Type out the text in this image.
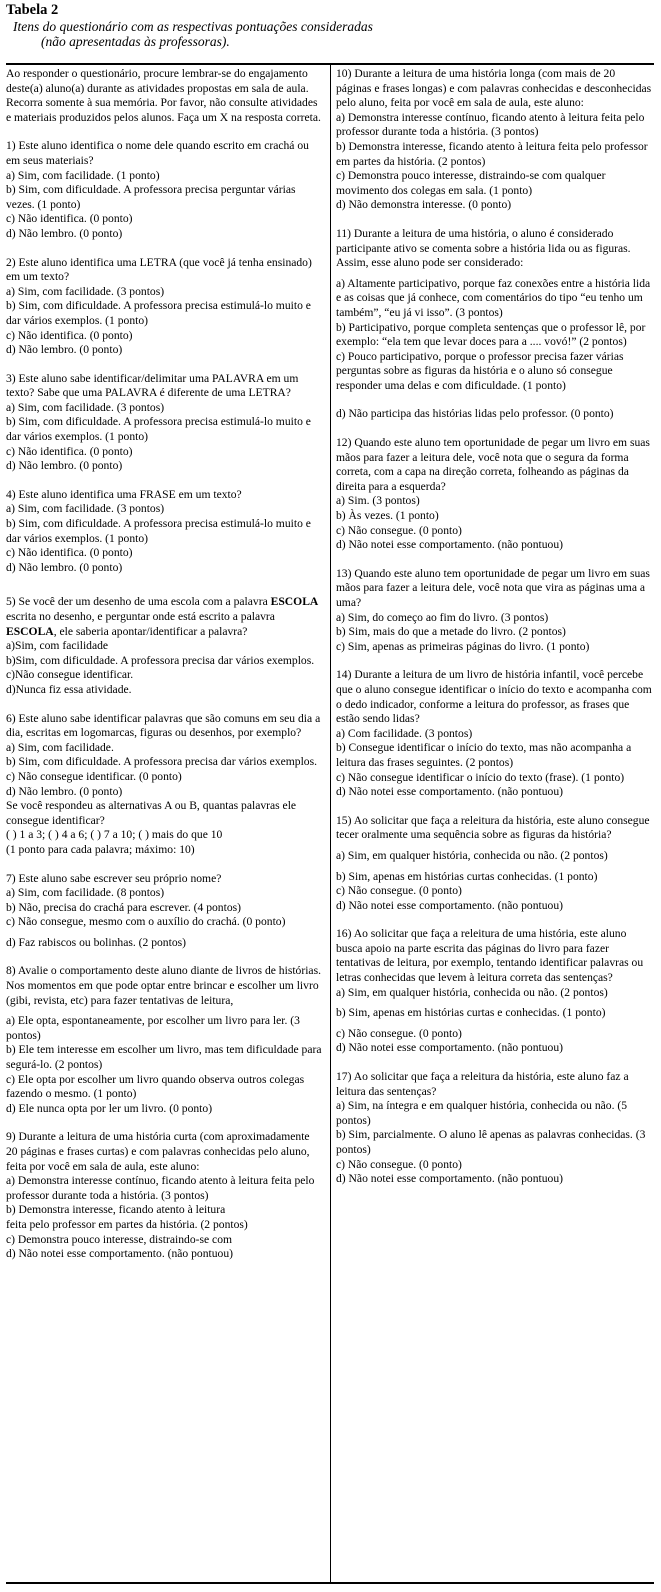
Tabela 2

Itens do questionário com as respectivas pontuações consideradas

(não apresentadas às professoras).

Ao responder o questionário, procure lembrar-se do engajamento deste(a) aluno(a) durante as atividades propostas em sala de aula. Recorra somente à sua memória. Por favor, não consulte atividades e materiais produzidos pelos alunos. Faça um X na resposta correta.

1) Este aluno identifica o nome dele quando escrito em crachá ou em seus materiais?

a) Sim, com facilidade. (1 ponto)

b) Sim, com dificuldade. A professora precisa perguntar várias vezes. (1 ponto)

c) Não identifica. (0 ponto)

d) Não lembro. (0 ponto)

2) Este aluno identifica uma LETRA (que você já tenha ensinado) em um texto?

a) Sim, com facilidade. (3 pontos)

b) Sim, com dificuldade. A professora precisa estimulá-lo muito e dar vários exemplos. (1 ponto)

c) Não identifica. (0 ponto)

d) Não lembro. (0 ponto)

3) Este aluno sabe identificar/delimitar uma PALAVRA em um texto? Sabe que uma PALAVRA é diferente de uma LETRA?

a) Sim, com facilidade. (3 pontos)

b) Sim, com dificuldade. A professora precisa estimulá-lo muito e dar vários exemplos. (1 ponto)

c) Não identifica. (0 ponto)

d) Não lembro. (0 ponto)

4) Este aluno identifica uma FRASE em um texto?

a) Sim, com facilidade. (3 pontos)

b) Sim, com dificuldade. A professora precisa estimulá-lo muito e dar vários exemplos. (1 ponto)

c) Não identifica. (0 ponto)

d) Não lembro. (0 ponto)

5) Se você der um desenho de uma escola com a palavra ESCOLA escrita no desenho, e perguntar onde está escrito a palavra ESCOLA, ele saberia apontar/identificar a palavra?

a)Sim, com facilidade

b)Sim, com dificuldade. A professora precisa dar vários exemplos.

c)Não consegue identificar.

d)Nunca fiz essa atividade.

6) Este aluno sabe identificar palavras que são comuns em seu dia a dia, escritas em logomarcas, figuras ou desenhos, por exemplo?

a) Sim, com facilidade.

b) Sim, com dificuldade. A professora precisa dar vários exemplos.

c) Não consegue identificar. (0 ponto)

d) Não lembro. (0 ponto)

Se você respondeu as alternativas A ou B, quantas palavras ele consegue identificar?

( ) 1 a 3; ( ) 4 a 6; ( ) 7 a 10; ( ) mais do que 10

(1 ponto para cada palavra; máximo: 10)

7) Este aluno sabe escrever seu próprio nome?

a) Sim, com facilidade. (8 pontos)

b) Não, precisa do crachá para escrever. (4 pontos)

c) Não consegue, mesmo com o auxílio do crachá. (0 ponto)

d) Faz rabiscos ou bolinhas. (2 pontos)

8) Avalie o comportamento deste aluno diante de livros de histórias. Nos momentos em que pode optar entre brincar e escolher um livro (gibi, revista, etc) para fazer tentativas de leitura,

a) Ele opta, espontaneamente, por escolher um livro para ler. (3 pontos)

b) Ele tem interesse em escolher um livro, mas tem dificuldade para segurá-lo. (2 pontos)

c) Ele opta por escolher um livro quando observa outros colegas fazendo o mesmo. (1 ponto)

d) Ele nunca opta por ler um livro. (0 ponto)

9) Durante a leitura de uma história curta (com aproximadamente 20 páginas e frases curtas) e com palavras conhecidas pelo aluno, feita por você em sala de aula, este aluno:

a) Demonstra interesse contínuo, ficando atento à leitura feita pelo professor durante toda a história. (3 pontos)

b) Demonstra interesse, ficando atento à leitura

feita pelo professor em partes da história. (2 pontos)

c) Demonstra pouco interesse, distraindo-se com

d) Não notei esse comportamento. (não pontuou)

10) Durante a leitura de uma história longa (com mais de 20 páginas e frases longas) e com palavras conhecidas e desconhecidas pelo aluno, feita por você em sala de aula, este aluno:

a) Demonstra interesse contínuo, ficando atento à leitura feita pelo professor durante toda a história. (3 pontos)

b) Demonstra interesse, ficando atento à leitura feita pelo professor em partes da história. (2 pontos)

c) Demonstra pouco interesse, distraindo-se com qualquer movimento dos colegas em sala. (1 ponto)

d) Não demonstra interesse. (0 ponto)

11) Durante a leitura de uma história, o aluno é considerado participante ativo se comenta sobre a história lida ou as figuras. Assim, esse aluno pode ser considerado:

a) Altamente participativo, porque faz conexões entre a história lida e as coisas que já conhece, com comentários do tipo “eu tenho um também”, “eu já vi isso”. (3 pontos)

b) Participativo, porque completa sentenças que o professor lê, por exemplo: “ela tem que levar doces para a .... vovó!” (2 pontos)

c) Pouco participativo, porque o professor precisa fazer várias perguntas sobre as figuras da história e o aluno só consegue responder uma delas e com dificuldade. (1 ponto)

d) Não participa das histórias lidas pelo professor. (0 ponto)

12) Quando este aluno tem oportunidade de pegar um livro em suas mãos para fazer a leitura dele, você nota que o segura da forma correta, com a capa na direção correta, folheando as páginas da direita para a esquerda?

a) Sim. (3 pontos)

b) Às vezes. (1 ponto)

c) Não consegue. (0 ponto)

d) Não notei esse comportamento. (não pontuou)

13) Quando este aluno tem oportunidade de pegar um livro em suas mãos para fazer a leitura dele, você nota que vira as páginas uma a uma?

a) Sim, do começo ao fim do livro. (3 pontos)

b) Sim, mais do que a metade do livro. (2 pontos)

c) Sim, apenas as primeiras páginas do livro. (1 ponto)

14) Durante a leitura de um livro de história infantil, você percebe que o aluno consegue identificar o início do texto e acompanha com o dedo indicador, conforme a leitura do professor, as frases que estão sendo lidas?

a) Com facilidade. (3 pontos)

b) Consegue identificar o início do texto, mas não acompanha a leitura das frases seguintes. (2 pontos)

c) Não consegue identificar o início do texto (frase). (1 ponto)

d) Não notei esse comportamento. (não pontuou)

15) Ao solicitar que faça a releitura da história, este aluno consegue tecer oralmente uma sequência sobre as figuras da história?

a) Sim, em qualquer história, conhecida ou não. (2 pontos)

b) Sim, apenas em histórias curtas conhecidas. (1 ponto)

c) Não consegue. (0 ponto)

d) Não notei esse comportamento. (não pontuou)

16) Ao solicitar que faça a releitura de uma história, este aluno busca apoio na parte escrita das páginas do livro para fazer tentativas de leitura, por exemplo, tentando identificar palavras ou letras conhecidas que levem à leitura correta das sentenças?

a) Sim, em qualquer história, conhecida ou não. (2 pontos)

b) Sim, apenas em histórias curtas e conhecidas. (1 ponto)

c) Não consegue. (0 ponto)

d) Não notei esse comportamento. (não pontuou)

17) Ao solicitar que faça a releitura da história, este aluno faz a leitura das sentenças?

a) Sim, na íntegra e em qualquer história, conhecida ou não. (5 pontos)

b) Sim, parcialmente. O aluno lê apenas as palavras conhecidas. (3 pontos)

c) Não consegue. (0 ponto)

d) Não notei esse comportamento. (não pontuou)
